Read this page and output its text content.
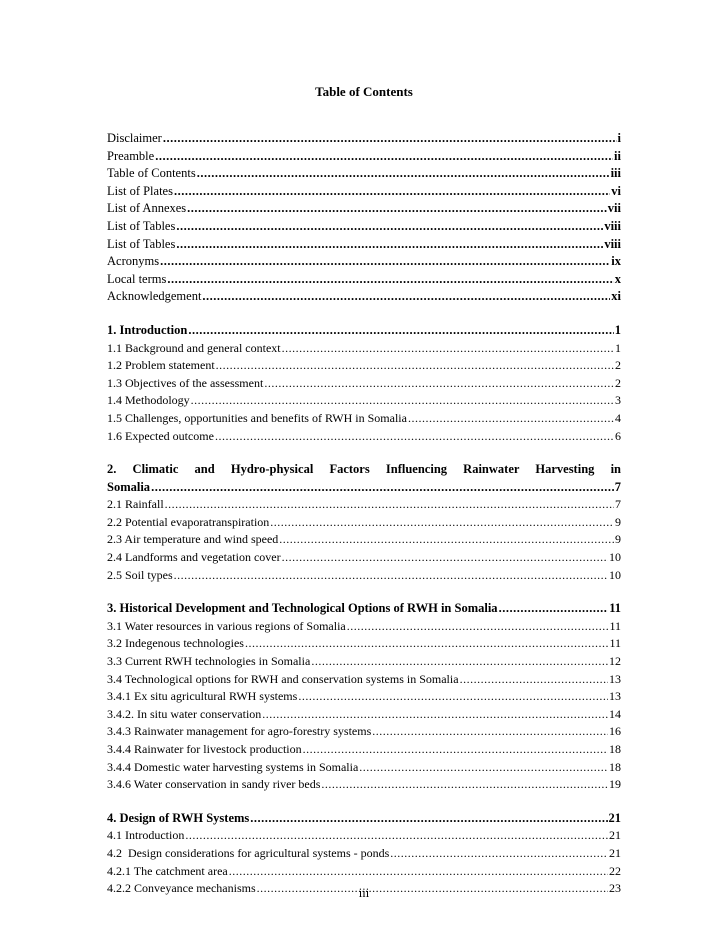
Table of Contents
Disclaimer .....	i
Preamble .....	ii
Table of Contents .....	iii
List of Plates .....	vi
List of Annexes .....	vii
List of Tables .....	viii
List of Tables .....	viii
Acronyms .....	ix
Local terms .....	x
Acknowledgement .....	xi
1. Introduction .....	1
1.1 Background and general context .....	1
1.2 Problem statement .....	2
1.3 Objectives of the assessment .....	2
1.4 Methodology .....	3
1.5 Challenges, opportunities and benefits of RWH in Somalia .....	4
1.6 Expected outcome .....	6
2. Climatic and Hydro-physical Factors Influencing Rainwater Harvesting in
Somalia .....	7
2.1 Rainfall .....	7
2.2 Potential evaporatranspiration .....	9
2.3 Air temperature and wind speed .....	9
2.4 Landforms and vegetation cover .....	10
2.5 Soil types .....	10
3. Historical Development and Technological Options of RWH in Somalia .....	11
3.1 Water resources in various regions of Somalia .....	11
3.2 Indegenous technologies .....	11
3.3 Current RWH technologies in Somalia .....	12
3.4 Technological options for RWH and conservation systems in Somalia .....	13
3.4.1 Ex situ agricultural RWH systems .....	13
3.4.2. In situ water conservation .....	14
3.4.3 Rainwater management for agro-forestry systems .....	16
3.4.4 Rainwater for livestock production .....	18
3.4.4 Domestic water harvesting systems in Somalia .....	18
3.4.6 Water conservation in sandy river beds .....	19
4. Design of RWH Systems .....	21
4.1 Introduction .....	21
4.2  Design considerations for agricultural systems - ponds .....	21
4.2.1 The catchment area .....	22
4.2.2 Conveyance mechanisms .....	23
iii
